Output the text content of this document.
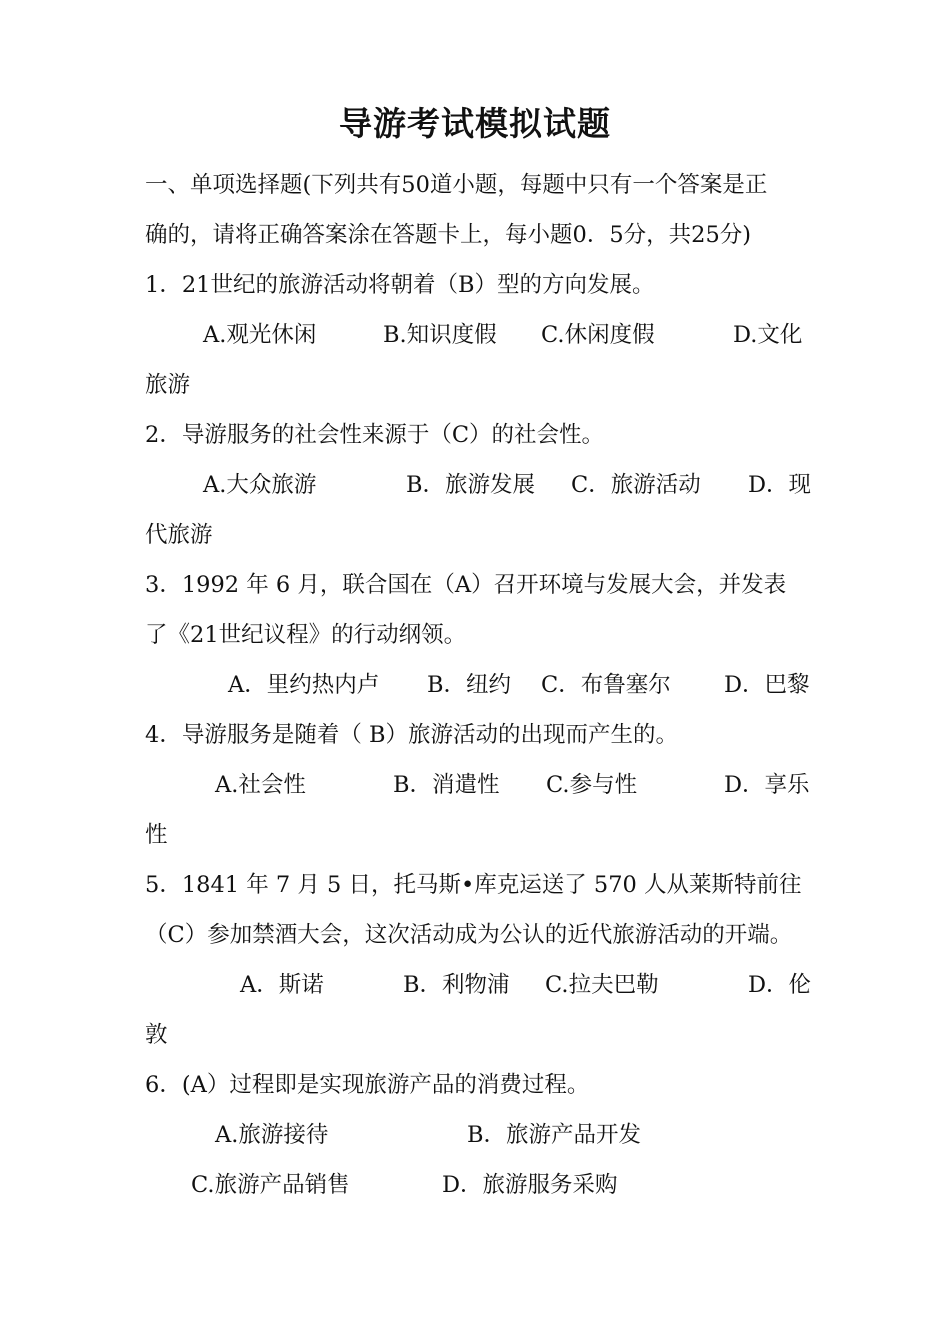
导游考试模拟试题
一、单项选择题(下列共有50道小题，每题中只有一个答案是正
确的，请将正确答案涂在答题卡上，每小题0．5分，共25分)
1．21世纪的旅游活动将朝着（B）型的方向发展。
A.观光休闲	B.知识度假 C.休闲度假	D.文化
旅游
2．导游服务的社会性来源于（C）的社会性。
A.大众旅游	B．旅游发展 C．旅游活动 D．现
代旅游
3．1992 年 6 月，联合国在（A）召开环境与发展大会，并发表
了《21世纪议程》的行动纲领。
A．里约热内卢 B．纽约 C．布鲁塞尔 D．巴黎
4．导游服务是随着（ B）旅游活动的出现而产生的。
A.社会性	B．消遣性 C.参与性	D．享乐
性
5．1841 年 7 月 5 日，托马斯•库克运送了 570 人从莱斯特前往
（C）参加禁酒大会，这次活动成为公认的近代旅游活动的开端。
A．斯诺	B．利物浦 C.拉夫巴勒	D．伦
敦
6．(A）过程即是实现旅游产品的消费过程。
A.旅游接待	B．旅游产品开发
C.旅游产品销售	D．旅游服务采购
